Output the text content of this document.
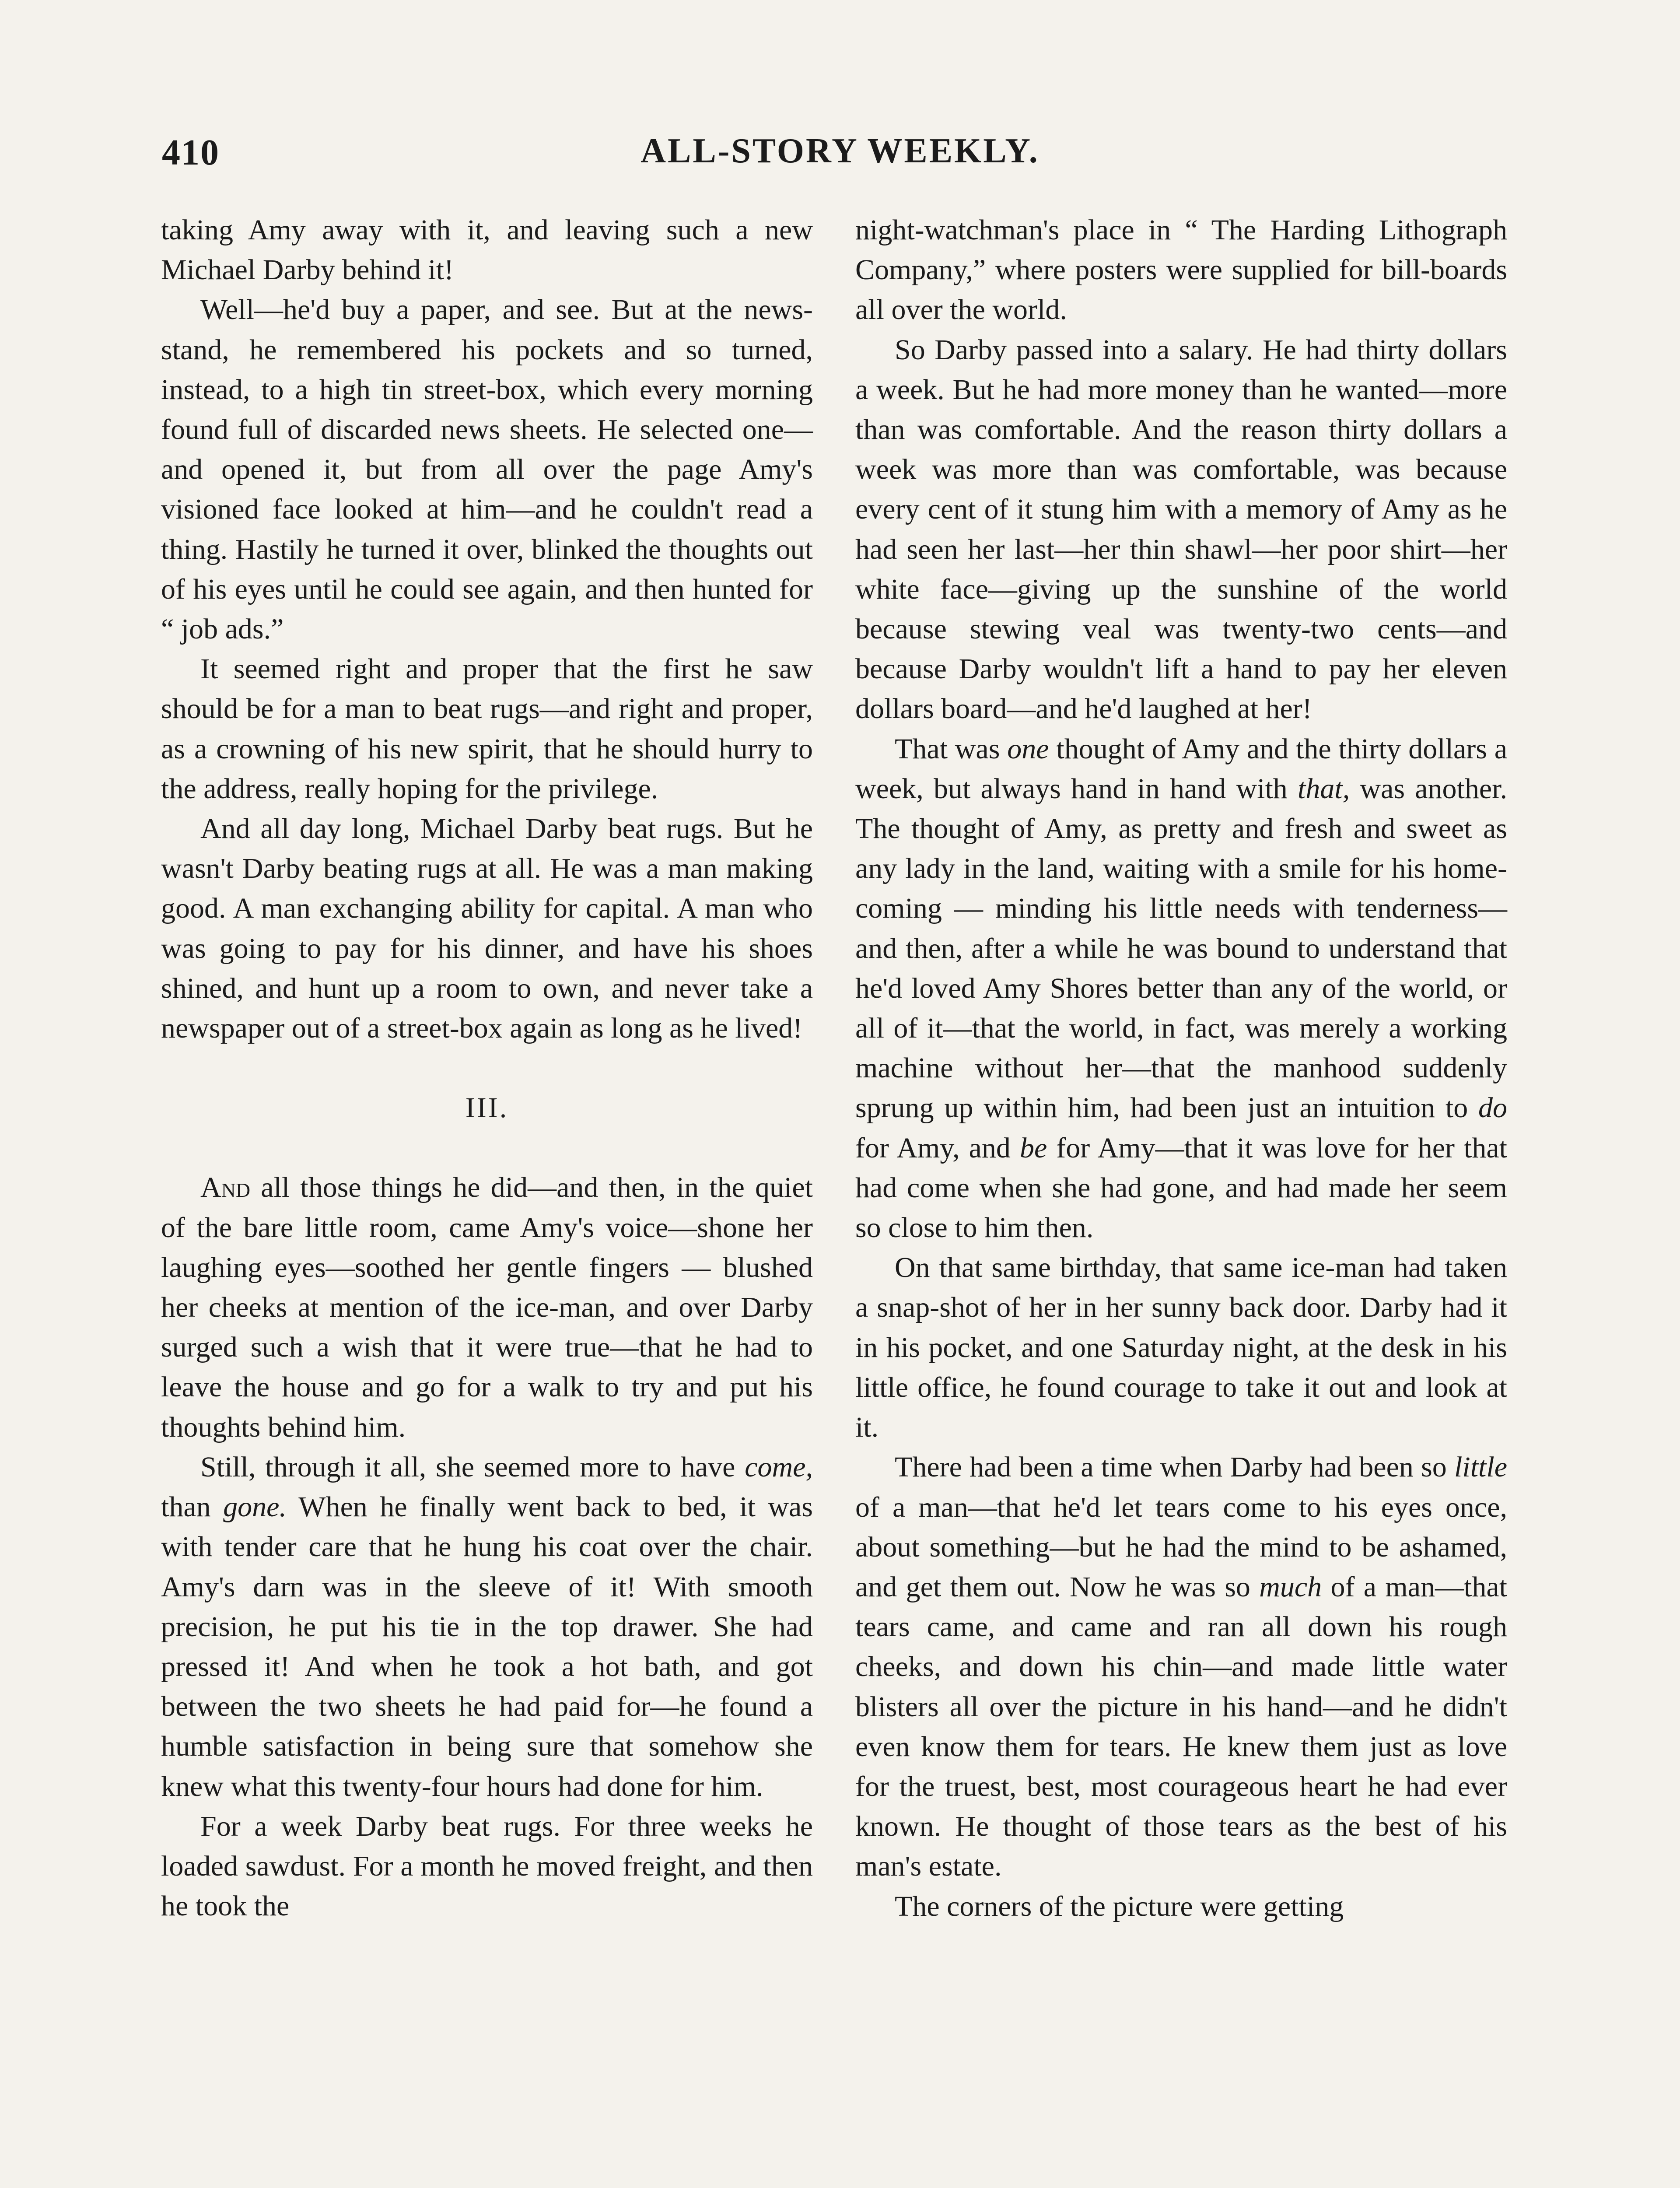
410	ALL-STORY WEEKLY.

taking Amy away with it, and leaving such a new Michael Darby behind it!

Well—he'd buy a paper, and see. But at the news-stand, he remembered his pockets and so turned, instead, to a high tin street-box, which every morning found full of discarded news sheets. He selected one—and opened it, but from all over the page Amy's visioned face looked at him—and he couldn't read a thing. Hastily he turned it over, blinked the thoughts out of his eyes until he could see again, and then hunted for “ job ads.”

It seemed right and proper that the first he saw should be for a man to beat rugs—and right and proper, as a crowning of his new spirit, that he should hurry to the address, really hoping for the privilege.

And all day long, Michael Darby beat rugs. But he wasn't Darby beating rugs at all. He was a man making good. A man exchanging ability for capital. A man who was going to pay for his dinner, and have his shoes shined, and hunt up a room to own, and never take a newspaper out of a street-box again as long as he lived!

III.

And all those things he did—and then, in the quiet of the bare little room, came Amy's voice—shone her laughing eyes—soothed her gentle fingers — blushed her cheeks at mention of the ice-man, and over Darby surged such a wish that it were true—that he had to leave the house and go for a walk to try and put his thoughts behind him.

Still, through it all, she seemed more to have come, than gone. When he finally went back to bed, it was with tender care that he hung his coat over the chair. Amy's darn was in the sleeve of it! With smooth precision, he put his tie in the top drawer. She had pressed it! And when he took a hot bath, and got between the two sheets he had paid for—he found a humble satisfaction in being sure that somehow she knew what this twenty-four hours had done for him.

For a week Darby beat rugs. For three weeks he loaded sawdust. For a month he moved freight, and then he took the

night-watchman's place in “ The Harding Lithograph Company,” where posters were supplied for bill-boards all over the world.

So Darby passed into a salary. He had thirty dollars a week. But he had more money than he wanted—more than was comfortable. And the reason thirty dollars a week was more than was comfortable, was because every cent of it stung him with a memory of Amy as he had seen her last—her thin shawl—her poor shirt—her white face—giving up the sunshine of the world because stewing veal was twenty-two cents—and because Darby wouldn't lift a hand to pay her eleven dollars board—and he'd laughed at her!

That was one thought of Amy and the thirty dollars a week, but always hand in hand with that, was another. The thought of Amy, as pretty and fresh and sweet as any lady in the land, waiting with a smile for his home-coming — minding his little needs with tenderness—and then, after a while he was bound to understand that he'd loved Amy Shores better than any of the world, or all of it—that the world, in fact, was merely a working machine without her—that the manhood suddenly sprung up within him, had been just an intuition to do for Amy, and be for Amy—that it was love for her that had come when she had gone, and had made her seem so close to him then.

On that same birthday, that same ice-man had taken a snap-shot of her in her sunny back door. Darby had it in his pocket, and one Saturday night, at the desk in his little office, he found courage to take it out and look at it.

There had been a time when Darby had been so little of a man—that he'd let tears come to his eyes once, about something—but he had the mind to be ashamed, and get them out. Now he was so much of a man—that tears came, and came and ran all down his rough cheeks, and down his chin—and made little water blisters all over the picture in his hand—and he didn't even know them for tears. He knew them just as love for the truest, best, most courageous heart he had ever known. He thought of those tears as the best of his man's estate.

The corners of the picture were getting
